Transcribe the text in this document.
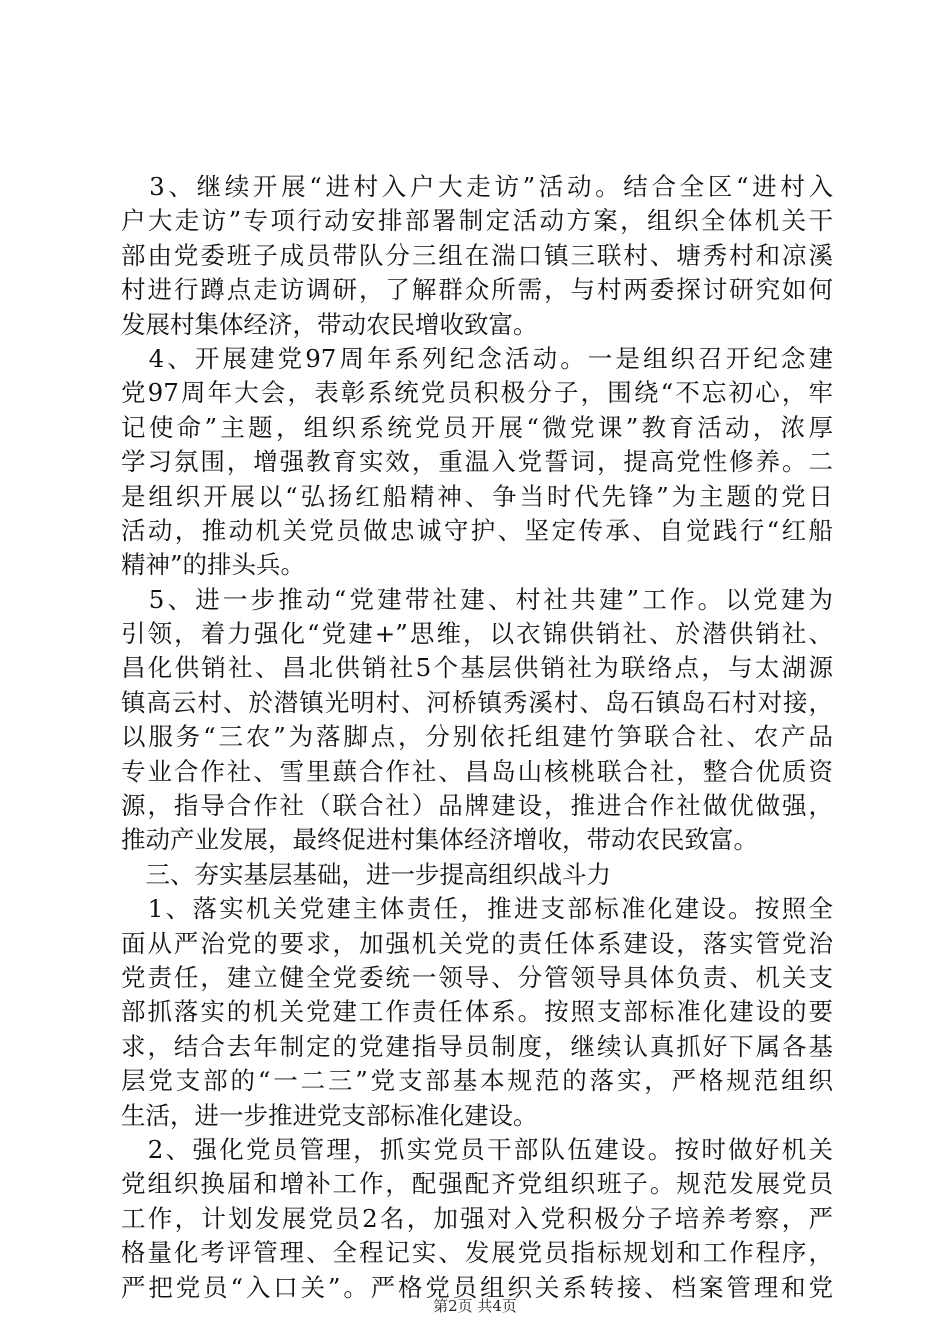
　3、继续开展“进村入户大走访”活动。结合全区“进村入
户大走访”专项行动安排部署制定活动方案，组织全体机关干
部由党委班子成员带队分三组在湍口镇三联村、塘秀村和凉溪
村进行蹲点走访调研，了解群众所需，与村两委探讨研究如何
发展村集体经济，带动农民增收致富。
　4、开展建党97周年系列纪念活动。一是组织召开纪念建
党97周年大会，表彰系统党员积极分子，围绕“不忘初心，牢
记使命”主题，组织系统党员开展“微党课”教育活动，浓厚
学习氛围，增强教育实效，重温入党誓词，提高党性修养。二
是组织开展以“弘扬红船精神、争当时代先锋”为主题的党日
活动，推动机关党员做忠诚守护、坚定传承、自觉践行“红船
精神”的排头兵。
　5、进一步推动“党建带社建、村社共建”工作。以党建为
引领，着力强化“党建+”思维，以衣锦供销社、於潜供销社、
昌化供销社、昌北供销社5个基层供销社为联络点，与太湖源
镇高云村、於潜镇光明村、河桥镇秀溪村、岛石镇岛石村对接，
以服务“三农”为落脚点，分别依托组建竹笋联合社、农产品
专业合作社、雪里蕻合作社、昌岛山核桃联合社，整合优质资
源，指导合作社（联合社）品牌建设，推进合作社做优做强，
推动产业发展，最终促进村集体经济增收，带动农民致富。
　三、夯实基层基础，进一步提高组织战斗力
　1、落实机关党建主体责任，推进支部标准化建设。按照全
面从严治党的要求，加强机关党的责任体系建设，落实管党治
党责任，建立健全党委统一领导、分管领导具体负责、机关支
部抓落实的机关党建工作责任体系。按照支部标准化建设的要
求，结合去年制定的党建指导员制度，继续认真抓好下属各基
层党支部的“一二三”党支部基本规范的落实，严格规范组织
生活，进一步推进党支部标准化建设。
　2、强化党员管理，抓实党员干部队伍建设。按时做好机关
党组织换届和增补工作，配强配齐党组织班子。规范发展党员
工作，计划发展党员2名，加强对入党积极分子培养考察，严
格量化考评管理、全程记实、发展党员指标规划和工作程序，
严把党员“入口关”。严格党员组织关系转接、档案管理和党
第2页 共4页
